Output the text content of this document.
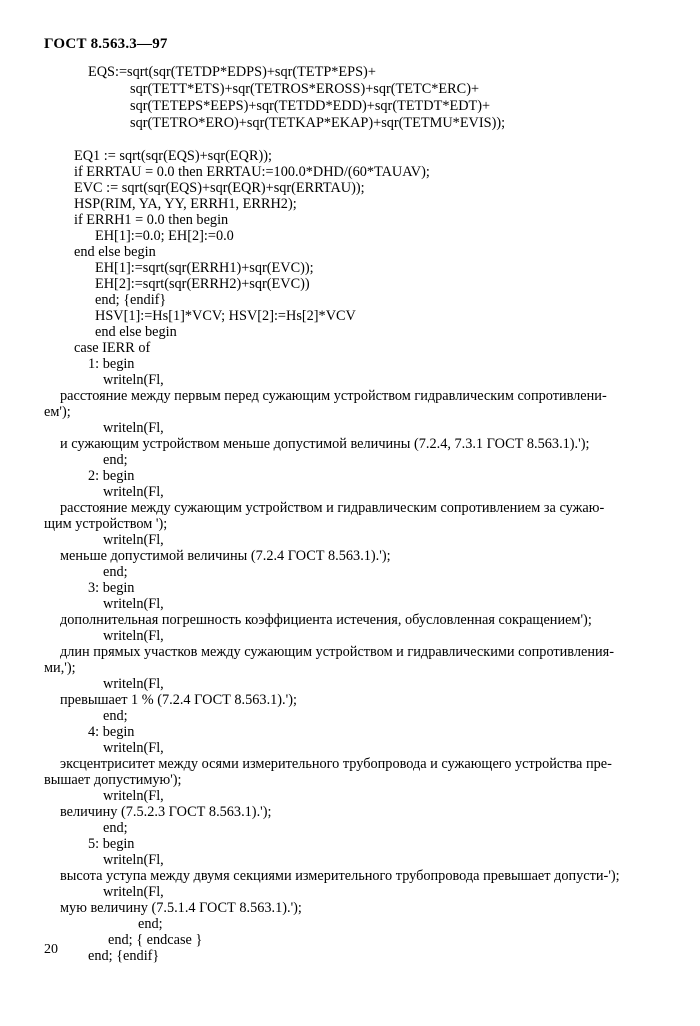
ГОСТ 8.563.3—97
EQS:=sqrt(sqr(TETDP*EDPS)+sqr(TETP*EPS)+
sqr(TETT*ETS)+sqr(TETROS*EROSS)+sqr(TETC*ERC)+
sqr(TETEPS*EEPS)+sqr(TETDD*EDD)+sqr(TETDT*EDT)+
sqr(TETRO*ERO)+sqr(TETKAP*EKAP)+sqr(TETMU*EVIS));
EQ1 := sqrt(sqr(EQS)+sqr(EQR));
if ERRTAU = 0.0 then ERRTAU:=100.0*DHD/(60*TAUAV);
EVC := sqrt(sqr(EQS)+sqr(EQR)+sqr(ERRTAU));
HSP(RIM, YA, YY, ERRH1, ERRH2);
if ERRH1 = 0.0 then begin
EH[1]:=0.0; EH[2]:=0.0
end else begin
EH[1]:=sqrt(sqr(ERRH1)+sqr(EVC));
EH[2]:=sqrt(sqr(ERRH2)+sqr(EVC))
end; {endif}
HSV[1]:=Hs[1]*VCV; HSV[2]:=Hs[2]*VCV
end else begin
case IERR of
1: begin
writeln(Fl,
расстояние между первым перед сужающим устройством гидравлическим сопротивлени-
ем');
writeln(Fl,
и сужающим устройством меньше допустимой величины (7.2.4, 7.3.1 ГОСТ 8.563.1).');
end;
2: begin
writeln(Fl,
расстояние между сужающим устройством и гидравлическим сопротивлением за сужаю-
щим устройством ');
writeln(Fl,
меньше допустимой величины (7.2.4 ГОСТ 8.563.1).');
end;
3: begin
writeln(Fl,
дополнительная погрешность коэффициента истечения, обусловленная сокращением');
writeln(Fl,
длин прямых участков между сужающим устройством и гидравлическими сопротивления-
ми,');
writeln(Fl,
превышает 1 % (7.2.4 ГОСТ 8.563.1).');
end;
4: begin
writeln(Fl,
эксцентриситет между осями измерительного трубопровода и сужающего устройства пре-
вышает допустимую');
writeln(Fl,
величину (7.5.2.3 ГОСТ 8.563.1).');
end;
5: begin
writeln(Fl,
высота уступа между двумя секциями измерительного трубопровода превышает допусти-');
writeln(Fl,
мую величину (7.5.1.4 ГОСТ 8.563.1).');
end;
end; { endcase }
end; {endif}
20
